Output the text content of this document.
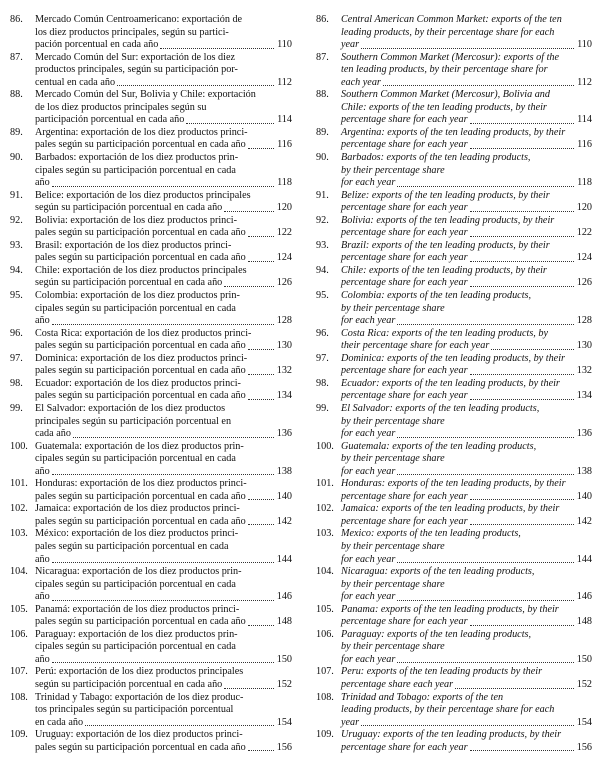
86.	Mercado Común Centroamericano: exportación de
los diez productos principales, según su partici-
pación porcentual en cada año	110
87.	Mercado Común del Sur: exportación de los diez
productos principales, según su participación por-
centual en cada año	112
88.	Mercado Común del Sur, Bolivia y Chile: exportación
de los diez productos principales según su
participación porcentual en cada año	114
89.	Argentina: exportación de los diez productos princi-
pales según su participación porcentual en cada año	116
90.	Barbados: exportación de los diez productos prin-
cipales según su participación porcentual en cada
año	118
91.	Belice: exportación de los diez productos principales
según su participación porcentual en cada año	120
92.	Bolivia: exportación de los diez productos princi-
pales según su participación porcentual en cada año	122
93.	Brasil: exportación de los diez productos princi-
pales según su participación porcentual en cada año	124
94.	Chile: exportación de los diez productos principales
según su participación porcentual en cada año	126
95.	Colombia: exportación de los diez productos prin-
cipales según su participación porcentual en cada
año	128
96.	Costa Rica: exportación de los diez productos princi-
pales según su participación porcentual en cada año	130
97.	Dominica: exportación de los diez productos princi-
pales según su participación porcentual en cada año	132
98.	Ecuador: exportación de los diez productos princi-
pales según su participación porcentual en cada año	134
99.	El Salvador: exportación de los diez productos
principales según su participación porcentual en
cada año	136
100. Guatemala: exportación de los diez productos prin-
cipales según su participación porcentual en cada
año	138
101. Honduras: exportación de los diez productos princi-
pales según su participación porcentual en cada año	140
102. Jamaica: exportación de los diez productos princi-
pales según su participación porcentual en cada año	142
103. México: exportación de los diez productos princi-
pales según su participación porcentual en cada
año	144
104. Nicaragua: exportación de los diez productos prin-
cipales según su participación porcentual en cada
año	146
105. Panamá: exportación de los diez productos princi-
pales según su participación porcentual en cada año	148
106. Paraguay: exportación de los diez productos prin-
cipales según su participación porcentual en cada
año	150
107. Perú: exportación de los diez productos principales
según su participación porcentual en cada año	152
108. Trinidad y Tabago: exportación de los diez produc-
tos principales según su participación porcentual
en cada año	154
109. Uruguay: exportación de los diez productos princi-
pales según su participación porcentual en cada año	156
86.	Central American Common Market: exports of the ten
leading products, by their percentage share for each
year	110
87.	Southern Common Market (Mercosur): exports of the
ten leading products, by their percentage share for
each year	112
88.	Southern Common Market (Mercosur), Bolivia and
Chile: exports of the ten leading products, by their
percentage share for each year	114
89.	Argentina: exports of the ten leading products, by their
percentage share for each year	116
90.	Barbados: exports of the ten leading products,
by their percentage share
for each year	118
91.	Belize: exports of the ten leading products, by their
percentage share for each year	120
92.	Bolivia: exports of the ten leading products, by their
percentage share for each year	122
93.	Brazil: exports of the ten leading products, by their
percentage share for each year	124
94.	Chile: exports of the ten leading products, by their
percentage share for each year	126
95.	Colombia: exports of the ten leading products,
by their percentage share
for each year	128
96.	Costa Rica: exports of the ten leading products, by
their percentage share for each year	130
97.	Dominica: exports of the ten leading products, by their
percentage share for each year	132
98.	Ecuador: exports of the ten leading products, by their
percentage share for each year	134
99.	El Salvador: exports of the ten leading products,
by their percentage share
for each year	136
100. Guatemala: exports of the ten leading products,
by their percentage share
for each year	138
101. Honduras: exports of the ten leading products, by their
percentage share for each year	140
102. Jamaica: exports of the ten leading products, by their
percentage share for each year	142
103. Mexico: exports of the ten leading products,
by their percentage share
for each year	144
104. Nicaragua: exports of the ten leading products,
by their percentage share
for each year	146
105. Panama: exports of the ten leading products, by their
percentage share for each year	148
106. Paraguay: exports of the ten leading products,
by their percentage share
for each year	150
107. Peru: exports of the ten leading products by their
percentage share each year	152
108. Trinidad and Tobago: exports of the ten
leading products, by their percentage share for each
year	154
109. Uruguay: exports of the ten leading products, by their
percentage share for each year	156
